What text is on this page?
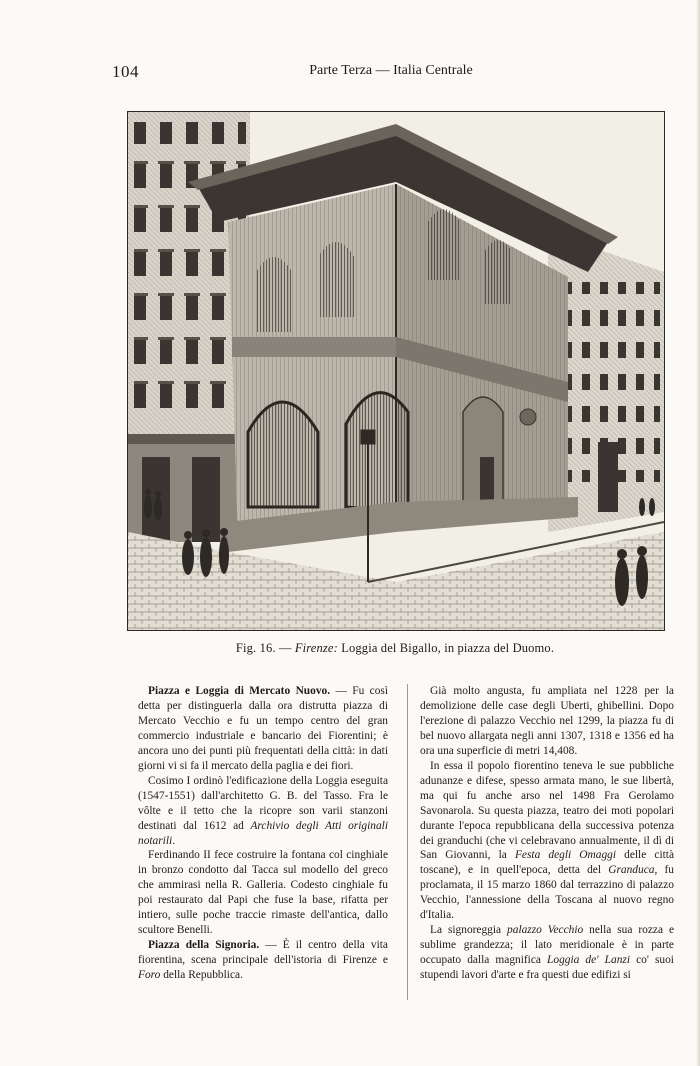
104	Parte Terza — Italia Centrale
Fig. 16. — Firenze: Loggia del Bigallo, in piazza del Duomo.

Piazza e Loggia di Mercato Nuovo. — Fu così detta per distinguerla dalla ora distrutta piazza di Mercato Vecchio e fu un tempo centro del gran commercio industriale e bancario dei Fiorentini; è ancora uno dei punti più frequentati della città: in dati giorni vi si fa il mercato della paglia e dei fiori.

Cosimo I ordinò l'edificazione della Loggia eseguita (1547-1551) dall'architetto G. B. del Tasso. Fra le vôlte e il tetto che la ricopre son varii stanzoni destinati dal 1612 ad Archivio degli Atti originali notarili.

Ferdinando II fece costruire la fontana col cinghiale in bronzo condotto dal Tacca sul modello del greco che ammirasi nella R. Galleria. Codesto cinghiale fu poi restaurato dal Papi che fuse la base, rifatta per intiero, sulle poche traccie rimaste dell'antica, dallo scultore Benelli.

Piazza della Signoria. — È il centro della vita fiorentina, scena principale dell'istoria di Firenze e Foro della Repubblica.

Già molto angusta, fu ampliata nel 1228 per la demolizione delle case degli Uberti, ghibellini. Dopo l'erezione di palazzo Vecchio nel 1299, la piazza fu di bel nuovo allargata negli anni 1307, 1318 e 1356 ed ha ora una superficie di metri 14,408.

In essa il popolo fiorentino teneva le sue pubbliche adunanze e difese, spesso armata mano, le sue libertà, ma qui fu anche arso nel 1498 Fra Gerolamo Savonarola. Su questa piazza, teatro dei moti popolari durante l'epoca repubblicana della successiva potenza dei granduchi (che vi celebravano annualmente, il dì di San Giovanni, la Festa degli Omaggi delle città toscane), e in quell'epoca, detta del Granduca, fu proclamata, il 15 marzo 1860 dal terrazzino di palazzo Vecchio, l'annessione della Toscana al nuovo regno d'Italia.

La signoreggia palazzo Vecchio nella sua rozza e sublime grandezza; il lato meridionale è in parte occupato dalla magnifica Loggia de' Lanzi co' suoi stupendi lavori d'arte e fra questi due edifizi si
